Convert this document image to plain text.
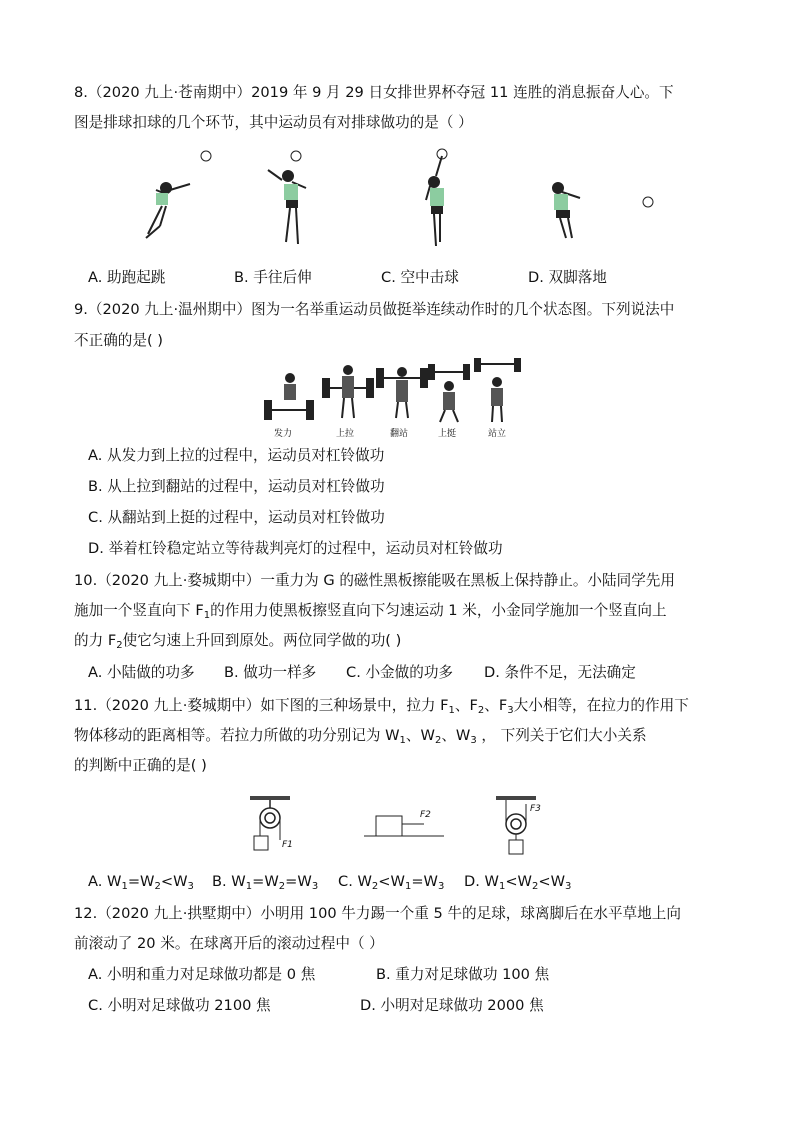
8.（2020 九上·苍南期中）2019 年 9 月 29 日女排世界杯夺冠 11 连胜的消息振奋人心。下
图是排球扣球的几个环节，其中运动员有对排球做功的是（ ）
A. 助跑起跳	B. 手往后伸	C. 空中击球	D. 双脚落地
9.（2020 九上·温州期中）图为一名举重运动员做挺举连续动作时的几个状态图。下列说法中
不正确的是( )
发力	上拉	翻站	上挺	站立
A. 从发力到上拉的过程中，运动员对杠铃做功
B. 从上拉到翻站的过程中，运动员对杠铃做功
C. 从翻站到上挺的过程中，运动员对杠铃做功
D. 举着杠铃稳定站立等待裁判亮灯的过程中，运动员对杠铃做功
10.（2020 九上·婺城期中）一重力为 G 的磁性黑板擦能吸在黑板上保持静止。小陆同学先用
施加一个竖直向下 $F_1$的作用力使黑板擦竖直向下匀速运动 1 米，小金同学施加一个竖直向上
的力 $F_2$使它匀速上升回到原处。两位同学做的功( )
A. 小陆做的功多 B. 做功一样多 C. 小金做的功多 D. 条件不足，无法确定
11.（2020 九上·婺城期中）如下图的三种场景中，拉力 $F_1$、$F_2$、$F_3$大小相等，在拉力的作用下
物体移动的距离相等。若拉力所做的功分别记为 $W_1$、$W_2$、$W_3$ ， 下列关于它们大小关系
的判断中正确的是( )
F1
F2
F3
A. $W_1=W_2<W_3$ B. $W_1=W_2=W_3$ C. $W_2<W_1=W_3$ D. $W_1<W_2<W_3$
12.（2020 九上·拱墅期中）小明用 100 牛力踢一个重 5 牛的足球，球离脚后在水平草地上向
前滚动了 20 米。在球离开后的滚动过程中（ ）
A. 小明和重力对足球做功都是 0 焦	B. 重力对足球做功 100 焦
C. 小明对足球做功 2100 焦	D. 小明对足球做功 2000 焦
